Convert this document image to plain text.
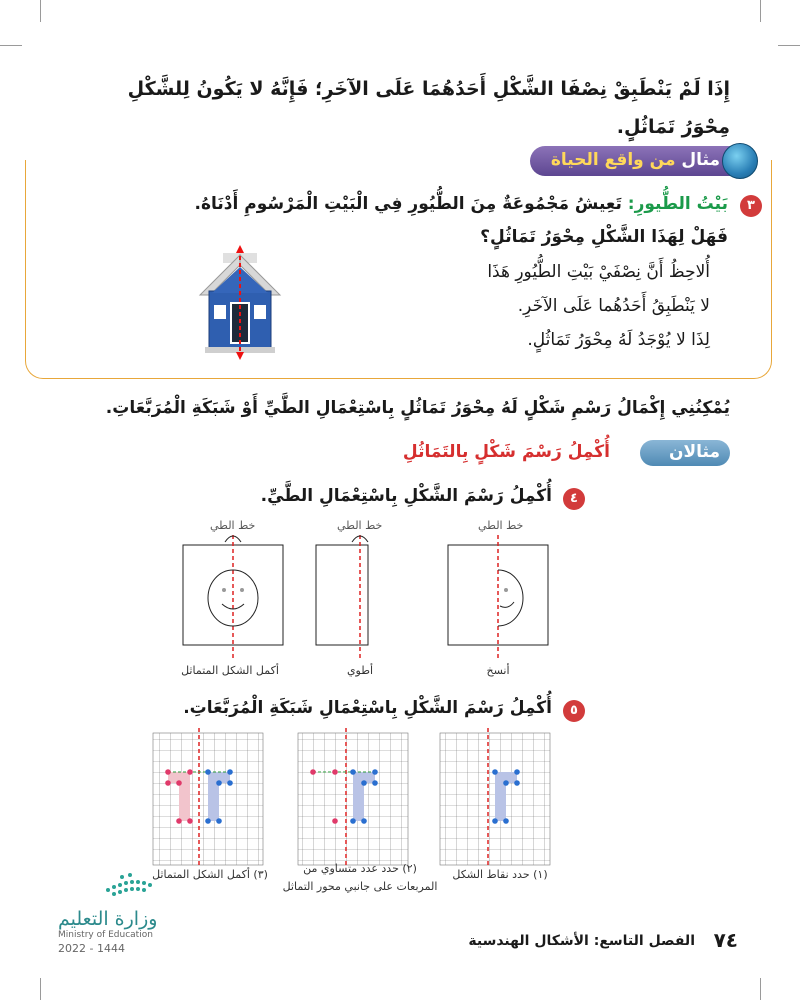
إِذَا لَمْ يَنْطَبِقْ نِصْفَا الشَّكْلِ أَحَدُهُمَا عَلَى الآخَرِ؛ فَإِنَّهُ لا يَكُونُ لِلشَّكْلِ
مِحْوَرُ تَمَاثُلٍ.
مثال من واقع الحياة
٣
بَيْتُ الطُّيورِ: تَعِيشُ مَجْمُوعَةٌ مِنَ الطُّيُورِ فِي الْبَيْتِ الْمَرْسُومِ أَدْنَاهُ.
فَهَلْ لِهَذَا الشَّكْلِ مِحْوَرُ تَمَاثُلٍ؟
أُلاحِظُ أَنَّ نِصْفَيْ بَيْتِ الطُّيُورِ هَذَا
لا يَنْطَبِقُ أَحَدُهُما عَلَى الآخَرِ.
لِذَا لا يُوْجَدُ لَهُ مِحْوَرُ تَمَاثُلٍ.
يُمْكِنُنِي إِكْمَالُ رَسْمِ شَكْلٍ لَهُ مِحْوَرُ تَمَاثُلٍ بِاسْتِعْمَالِ الطَّيِّ أَوْ شَبَكَةِ الْمُرَبَّعَاتِ.
مثالان
أُكْمِلُ رَسْمَ شَكْلٍ بِالتَمَاثُلِ
٤
أُكْمِلُ رَسْمَ الشَّكْلِ بِاسْتِعْمَالِ الطَّيِّ.
خط الطي
خط الطي
خط الطي
أنسخ
أطوي
أكمل الشكل المتماثل
٥
أُكْمِلُ رَسْمَ الشَّكْلِ بِاسْتِعْمَالِ شَبَكَةِ الْمُرَبَّعَاتِ.
(١) حدد نقاط الشكل
(٢) حدد عدد متساوي من
المربعات على جانبي محور التماثل
(٣) أكمل الشكل المتماثل
وزارة التعليم
Ministry of Education
2022 - 1444	الفصل التاسع: الأشكال الهندسية ٧٤
